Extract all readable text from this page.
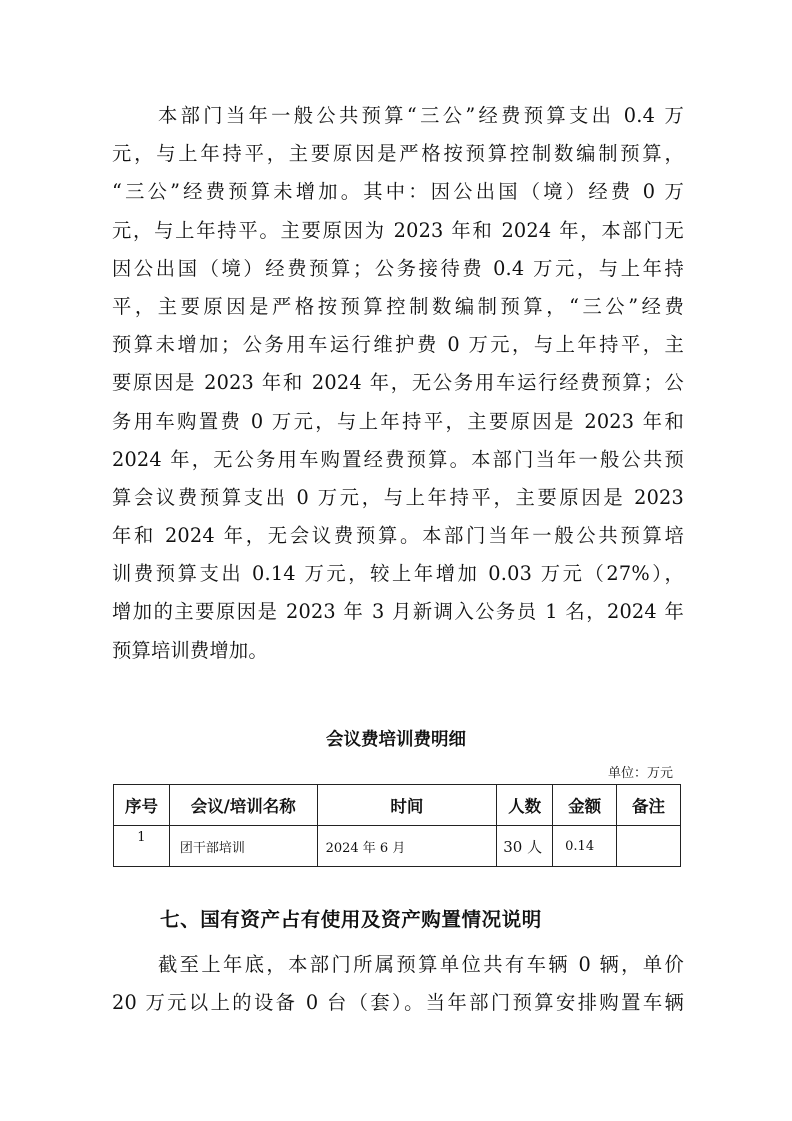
本部门当年一般公共预算“三公”经费预算支出 0.4 万
元，与上年持平，主要原因是严格按预算控制数编制预算，
“三公”经费预算未增加。其中：因公出国（境）经费 0 万
元，与上年持平。主要原因为 2023 年和 2024 年，本部门无
因公出国（境）经费预算；公务接待费 0.4 万元，与上年持
平，主要原因是严格按预算控制数编制预算，“三公”经费
预算未增加；公务用车运行维护费 0 万元，与上年持平，主
要原因是 2023 年和 2024 年，无公务用车运行经费预算；公
务用车购置费 0 万元，与上年持平，主要原因是 2023 年和
2024 年，无公务用车购置经费预算。本部门当年一般公共预
算会议费预算支出 0 万元，与上年持平，主要原因是 2023
年和 2024 年，无会议费预算。本部门当年一般公共预算培
训费预算支出 0.14 万元，较上年增加 0.03 万元（27%），
增加的主要原因是 2023 年 3 月新调入公务员 1 名，2024 年
预算培训费增加。
会议费培训费明细
单位：万元
序号	会议/培训名称	时间	人数	金额	备注
1	团干部培训	2024 年 6 月	30 人	0.14	
七、国有资产占有使用及资产购置情况说明
截至上年底，本部门所属预算单位共有车辆 0 辆，单价
20 万元以上的设备 0 台（套）。当年部门预算安排购置车辆
